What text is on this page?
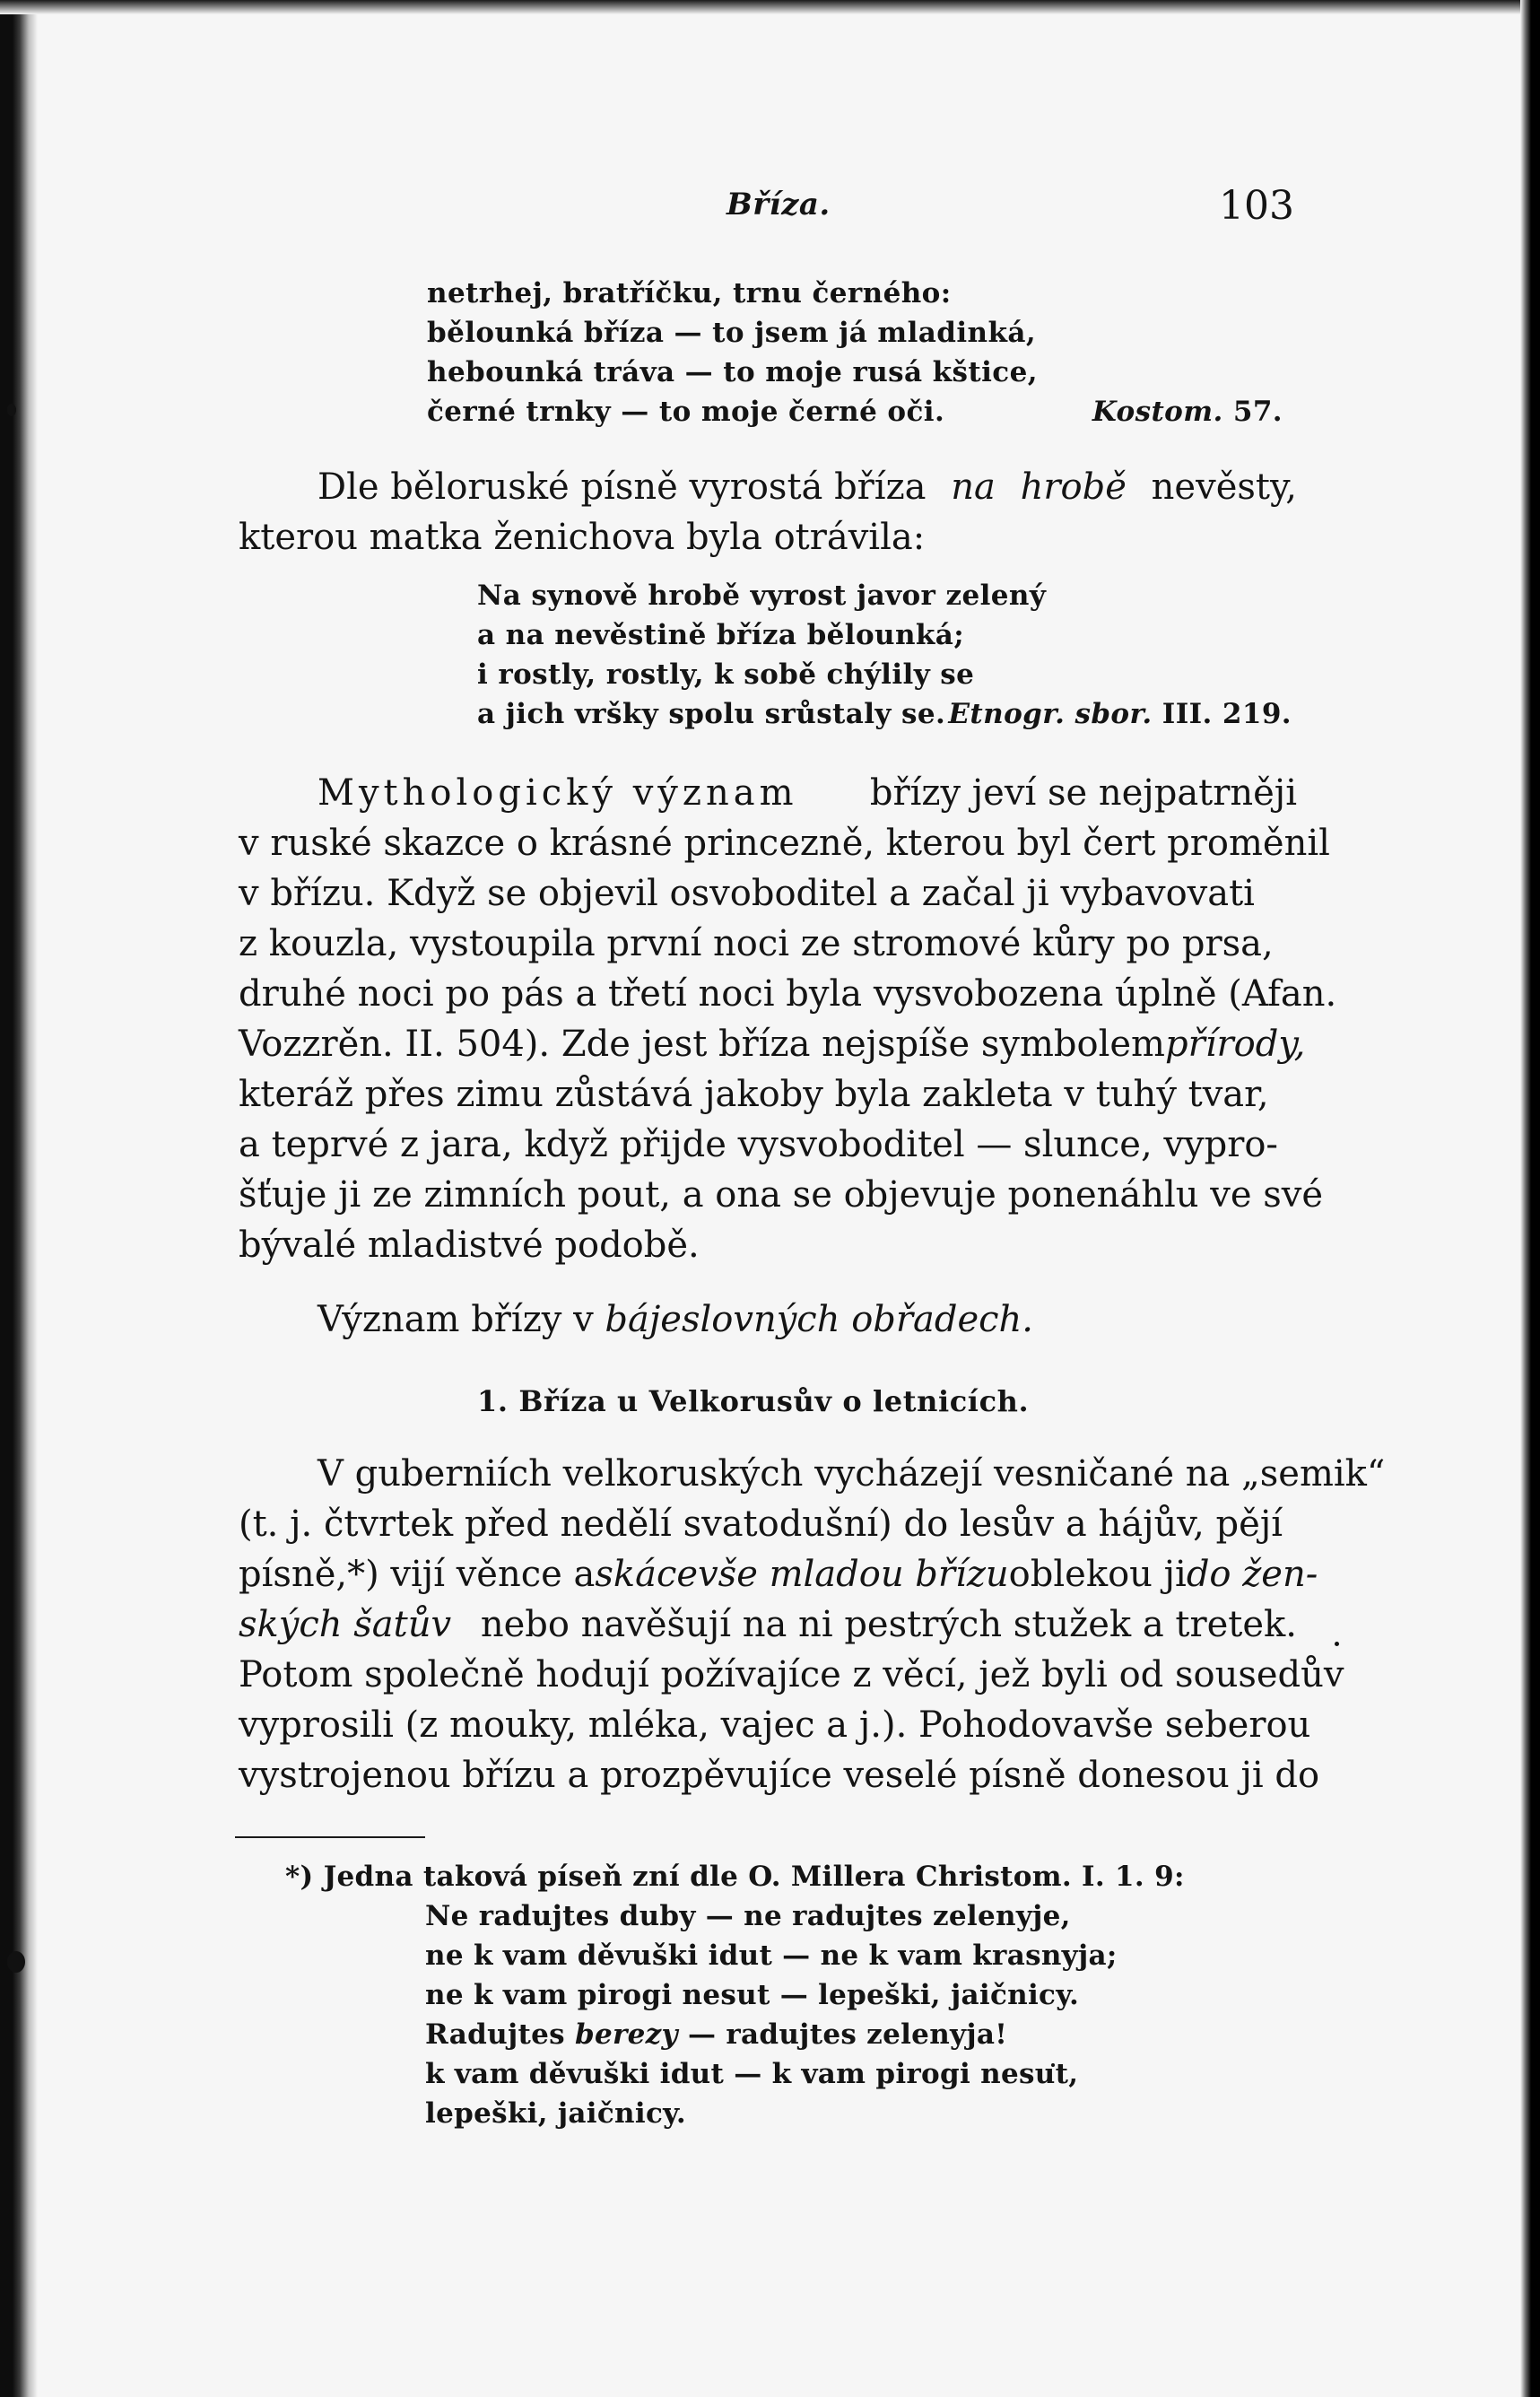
Bříza.	103
netrhej, bratříčku, trnu černého:
bělounká bříza — to jsem já mladinká,
hebounká tráva — to moje rusá kštice,
černé trnky — to moje černé oči.	Kostom. 57.
Dle běloruské písně vyrostá bříza na hrobě nevěsty,
kterou matka ženichova byla otrávila:
Na synově hrobě vyrost javor zelený
a na nevěstině bříza bělounká;
i rostly, rostly, k sobě chýlily se
a jich vršky spolu srůstaly se. Etnogr. sbor. III. 219.
Mythologický význam břízy jeví se nejpatrněji
v ruské skazce o krásné princezně, kterou byl čert proměnil
v břízu. Když se objevil osvoboditel a začal ji vybavovati
z kouzla, vystoupila první noci ze stromové kůry po prsa,
druhé noci po pás a třetí noci byla vysvobozena úplně (Afan.
Vozzrěn. II. 504). Zde jest bříza nejspíše symbolem přírody,
kteráž přes zimu zůstává jakoby byla zakleta v tuhý tvar,
a teprvé z jara, když přijde vysvoboditel — slunce, vypro-
šťuje ji ze zimních pout, a ona se objevuje ponenáhlu ve své
bývalé mladistvé podobě.
Význam břízy v bájeslovných obřadech.
1. Bříza u Velkorusův o letnicích.
V guberniích velkoruských vycházejí vesničané na „semik“
(t. j. čtvrtek před nedělí svatodušní) do lesův a hájův, pějí
písně,*) vijí věnce a skácevše mladou břízu oblekou ji do žen-
ských šatův nebo navěšují na ni pestrých stužek a tretek.
Potom společně hodují požívajíce z věcí, jež byli od sousedův
vyprosili (z mouky, mléka, vajec a j.). Pohodovavše seberou
vystrojenou břízu a prozpěvujíce veselé písně donesou ji do
*) Jedna taková píseň zní dle O. Millera Christom. I. 1. 9:
Ne radujtes duby — ne radujtes zelenyje,
ne k vam děvuški idut — ne k vam krasnyja;
ne k vam pirogi nesut — lepeški, jaičnicy.
Radujtes berezy — radujtes zelenyja!
k vam děvuški idut — k vam pirogi nesut,
lepeški, jaičnicy.
